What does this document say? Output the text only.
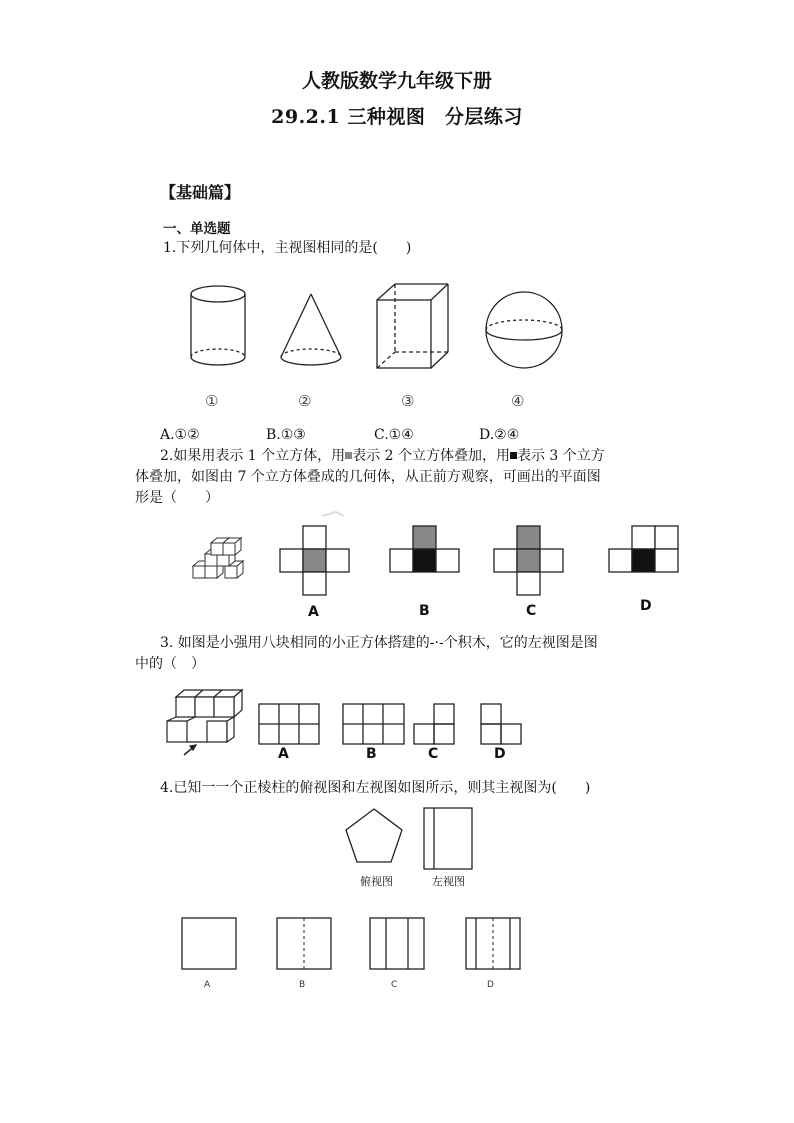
人教版数学九年级下册
29.2.1 三种视图　分层练习
【基础篇】
一、单选题
1.下列几何体中，主视图相同的是(　　)
①	②	③	④
A.①②	B.①③	C.①④	D.②④
2.如果用表示 1 个立方体，用 表示 2 个立方体叠加，用 表示 3 个立方
体叠加，如图由 7 个立方体叠成的几何体，从正前方观察，可画出的平面图
形是（　　）
A	B	C	D
3. 如图是小强用八块相同的小正方体搭建的-·-个积木，它的左视图是图
中的（　）
A	B	C	D
4.已知一一个正棱柱的俯视图和左视图如图所示，则其主视图为(　　)
俯视图	左视图
A	B	C	D
